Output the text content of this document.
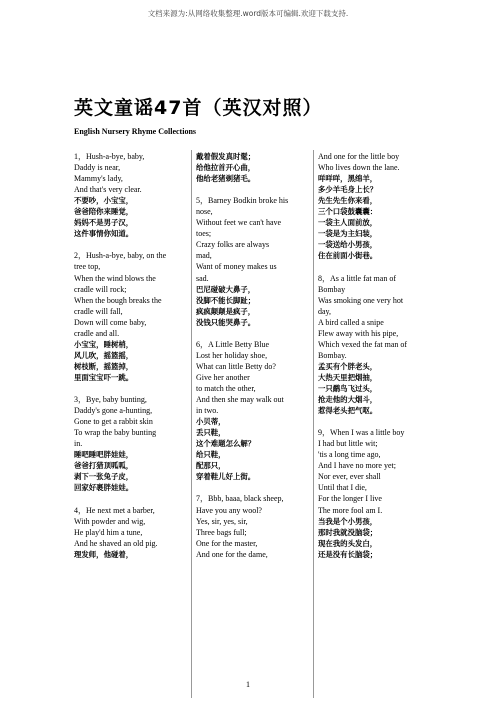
文档来源为:从网络收集整理.word版本可编辑.欢迎下载支持.
英文童谣47首（英汉对照）
English Nursery Rhyme Collections
1，Hush-a-bye, baby,
Daddy is near,
Mammy's lady,
And that's very clear.
不要吵，小宝宝，
爸爸陪你来睡觉，
妈妈不是男子汉，
这件事情你知道。
2，Hush-a-bye, baby, on the
tree top,
When the wind blows the
cradle will rock;
When the bough breaks the
cradle will fall,
Down will come baby,
cradle and all.
小宝宝，睡树梢，
风儿吹，摇篮摇，
树枝断，摇篮掉，
里面宝宝吓一跳。
3，Bye, baby bunting,
Daddy's gone a-hunting,
Gone to get a rabbit skin
To wrap the baby bunting
in.
睡吧睡吧胖娃娃，
爸爸打猎顶呱呱，
剥下一张兔子皮，
回家好裹胖娃娃。
4，He next met a barber,
With powder and wig,
He play'd him a tune,
And he shaved an old pig.
理发师，他碰着，
戴着假发真时髦；
给他拉首开心曲，
他给老猪剃猪毛。
5，Barney Bodkin broke his
nose,
Without feet we can't have
toes;
Crazy folks are always
mad,
Want of money makes us
sad.
巴尼碰破大鼻子，
没脚不能长脚趾；
疯疯颠颠是疯子，
没钱只能哭鼻子。
6，A Little Betty Blue
Lost her holiday shoe,
What can little Betty do?
Give her another
to match the other,
And then she may walk out
in two.
小贝蒂，
丢只鞋，
这个难题怎么解？
给只鞋，
配那只，
穿着鞋儿好上街。
7，Bbb, baaa, black sheep,
Have you any wool?
Yes, sir, yes, sir,
Three bags full;
One for the master,
And one for the dame,
And one for the little boy
Who lives down the lane.
咩咩咩，黑绵羊，
多少羊毛身上长？
先生先生你来看，
三个口袋鼓囊囊：
一袋主人面前放，
一袋是为主妇装，
一袋送给小男孩，
住在前面小街巷。
8，As a little fat man of
Bombay
Was smoking one very hot
day,
A bird called a snipe
Flew away with his pipe,
Which vexed the fat man of
Bombay.
孟买有个胖老头，
大热天里把烟抽，
一只鹬鸟飞过头，
抢走他的大烟斗，
惹得老头把气呕。
9，When I was a little boy
I had but little wit;
'tis a long time ago,
And I have no more yet;
Nor ever, ever shall
Until that I die,
For the longer I live
The more fool am I.
当我是个小男孩，
那时我就没脑袋；
现在我的头发白，
还是没有长脑袋；
1
